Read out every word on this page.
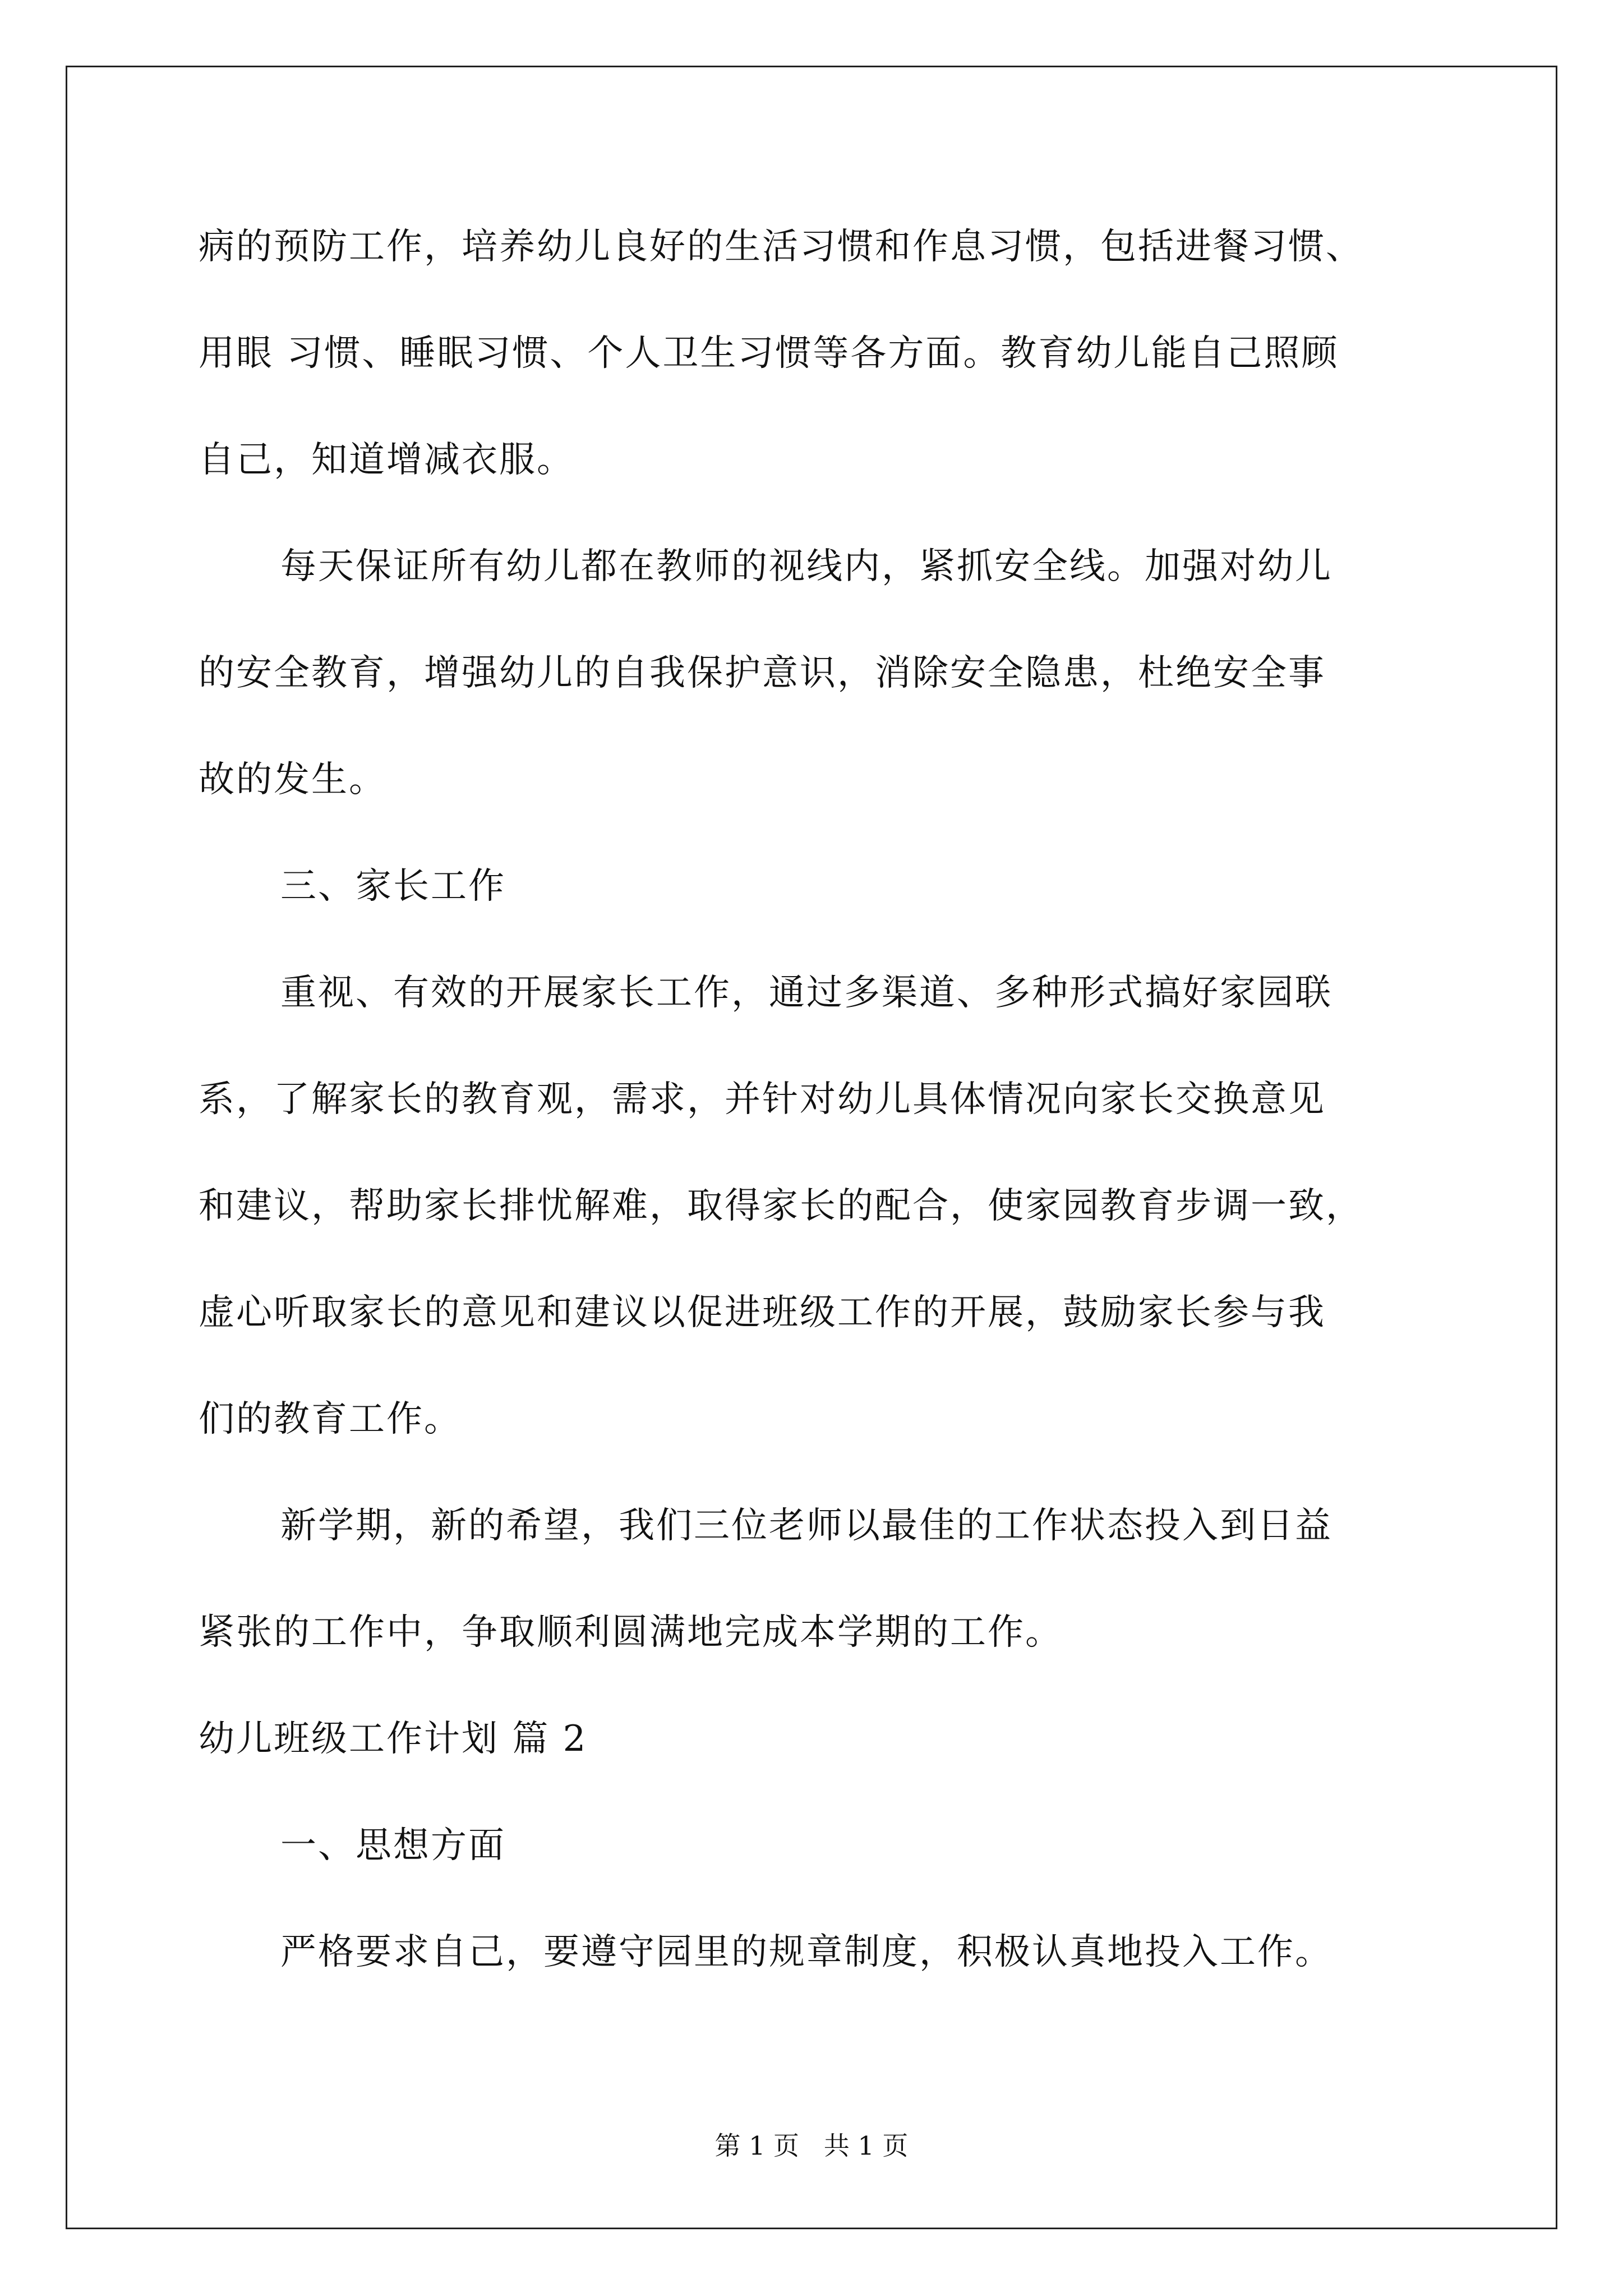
病的预防工作，培养幼儿良好的生活习惯和作息习惯，包括进餐习惯、
用眼 习惯、睡眠习惯、个人卫生习惯等各方面。教育幼儿能自己照顾
自己，知道增减衣服。
每天保证所有幼儿都在教师的视线内，紧抓安全线。加强对幼儿
的安全教育，增强幼儿的自我保护意识，消除安全隐患，杜绝安全事
故的发生。
三、家长工作
重视、有效的开展家长工作，通过多渠道、多种形式搞好家园联
系，了解家长的教育观，需求，并针对幼儿具体情况向家长交换意见
和建议，帮助家长排忧解难，取得家长的配合，使家园教育步调一致，
虚心听取家长的意见和建议以促进班级工作的开展，鼓励家长参与我
们的教育工作。
新学期，新的希望，我们三位老师以最佳的工作状态投入到日益
紧张的工作中，争取顺利圆满地完成本学期的工作。
幼儿班级工作计划 篇 2
一、思想方面
严格要求自己，要遵守园里的规章制度，积极认真地投入工作。
第 1 页   共 1 页
